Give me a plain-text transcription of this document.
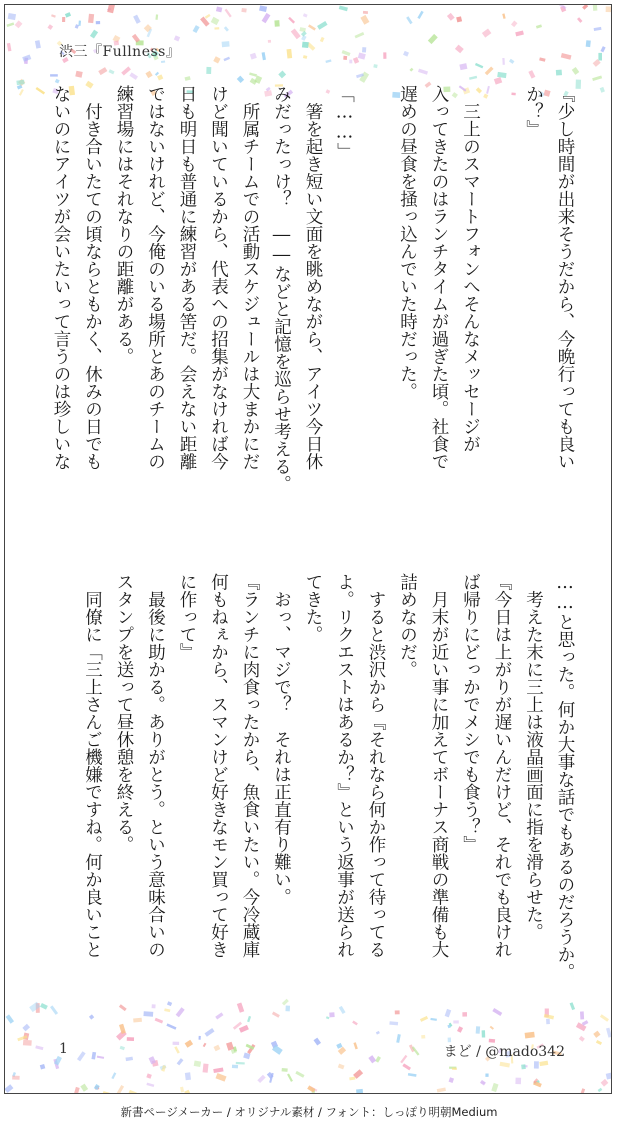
渋三『Fullness』
『少し時間が出来そうだから、今晩行っても良い
か？』
　三上のスマートフォンへそんなメッセージが
入ってきたのはランチタイムが過ぎた頃。社食で
遅めの昼食を掻っ込んでいた時だった。
「……」
　箸を起き短い文面を眺めながら、アイツ今日休
みだったっけ？　――などと記憶を巡らせ考える。
　所属チームでの活動スケジュールは大まかにだ
けど聞いているから、代表への招集がなければ今
日も明日も普通に練習がある筈だ。会えない距離
ではないけれど、今俺のいる場所とあのチームの
練習場にはそれなりの距離がある。
　付き合いたての頃ならともかく、休みの日でも
ないのにアイツが会いたいって言うのは珍しいな
……と思った。何か大事な話でもあるのだろうか。
　考えた末に三上は液晶画面に指を滑らせた。
『今日は上がりが遅いんだけど、それでも良けれ
ば帰りにどっかでメシでも食う？』
　月末が近い事に加えてボーナス商戦の準備も大
詰めなのだ。
　すると渋沢から『それなら何か作って待ってる
よ。リクエストはあるか？』という返事が送られ
てきた。
　おっ、マジで？　それは正直有り難い。
『ランチに肉食ったから、魚食いたい。今冷蔵庫
何もねぇから、スマンけど好きなモン買って好き
に作って』
　最後に助かる。ありがとう。という意味合いの
スタンプを送って昼休憩を終える。
　同僚に「三上さんご機嫌ですね。何か良いこと
1	まど / @mado342
新書ページメーカー / オリジナル素材 / フォント：しっぽり明朝Medium
